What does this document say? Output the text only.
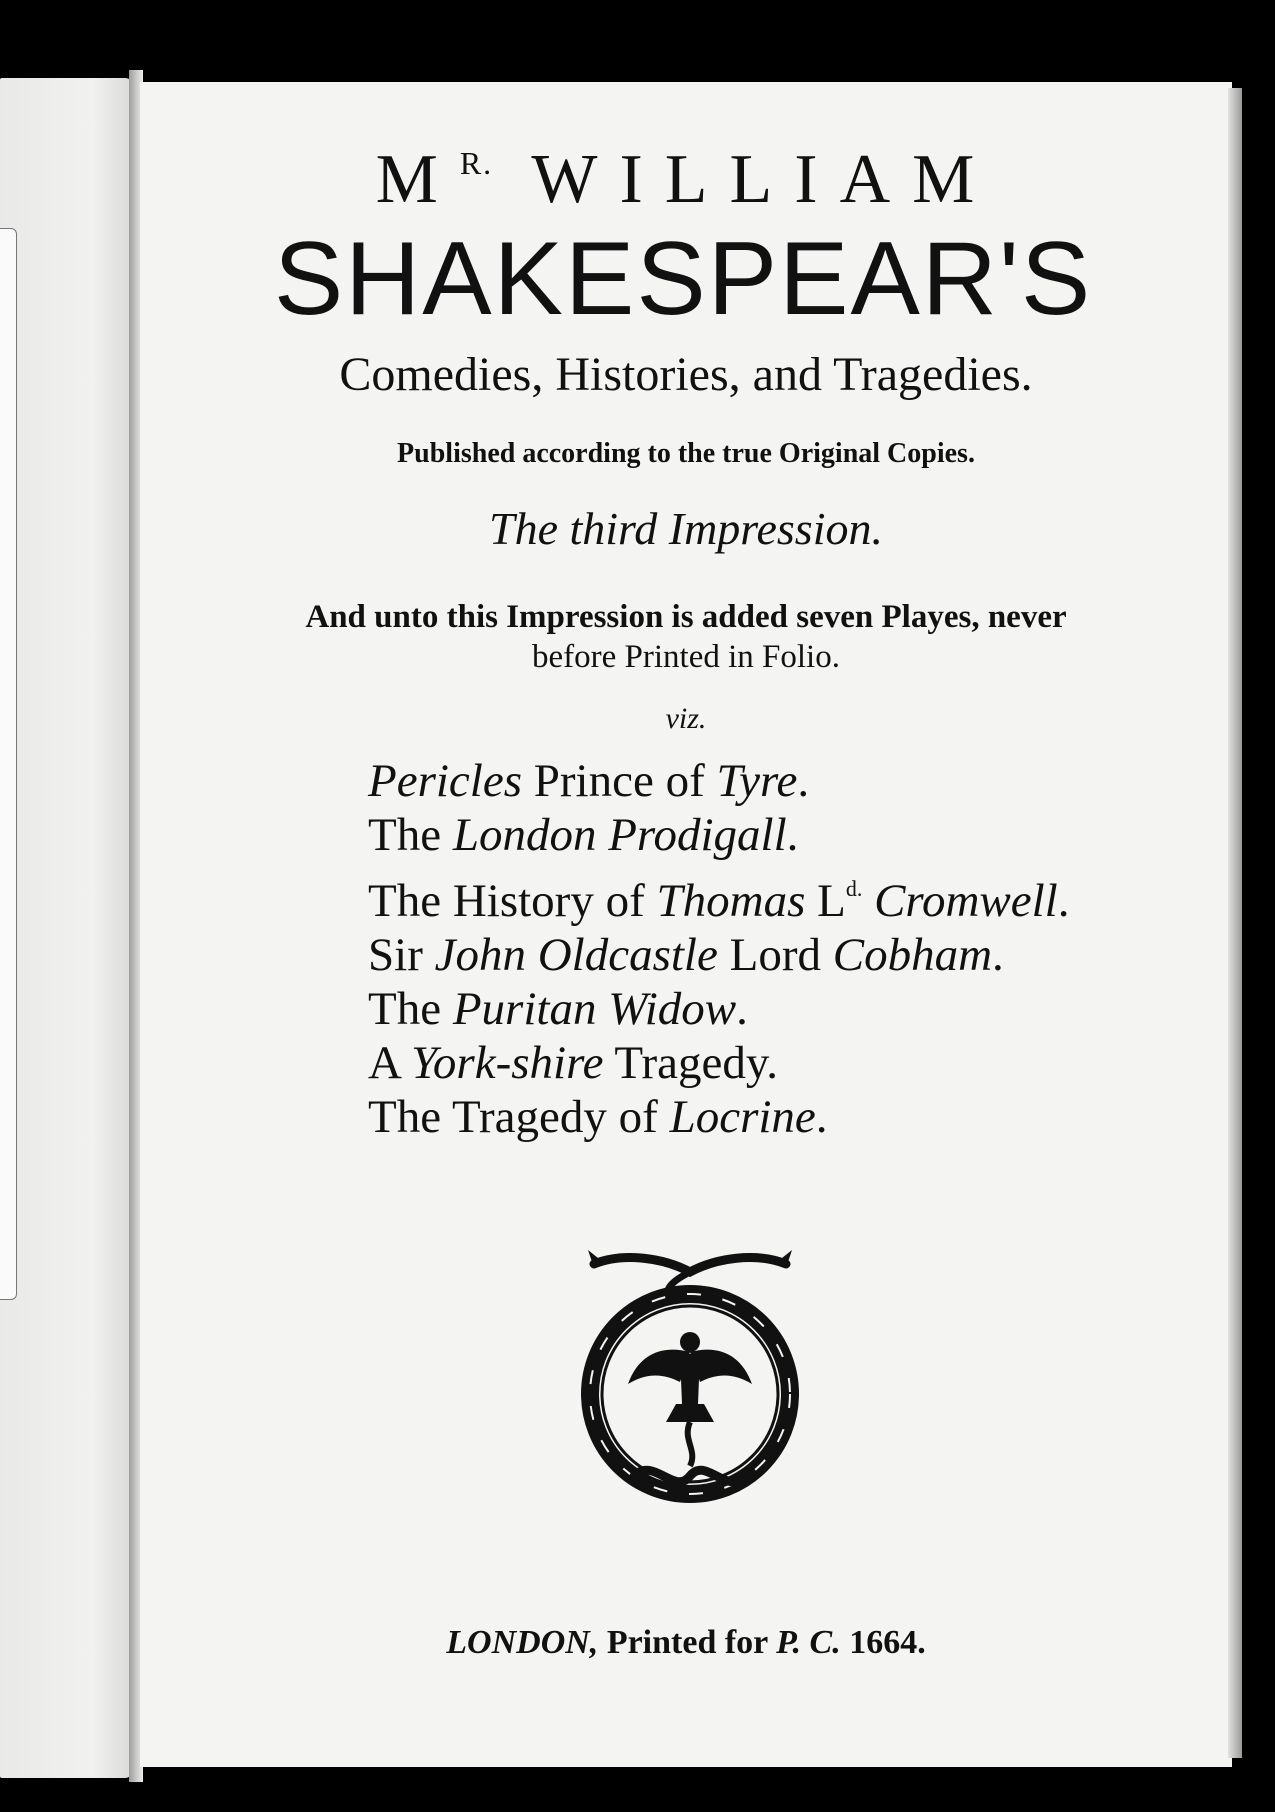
$M^{R.}$ WILLIAM
SHAKESPEAR'S
Comedies, Histories, and Tragedies.
Published according to the true Original Copies.
The third Impression.
And unto this Impression is added seven Playes, never
before Printed in Folio.
viz.
Pericles Prince of Tyre.
The London Prodigall.
The History of Thomas $L^{d.}$ Cromwell.
Sir John Oldcastle Lord Cobham.
The Puritan Widow.
A York-shire Tragedy.
The Tragedy of Locrine.
LONDON, Printed for P. C. 1664.
